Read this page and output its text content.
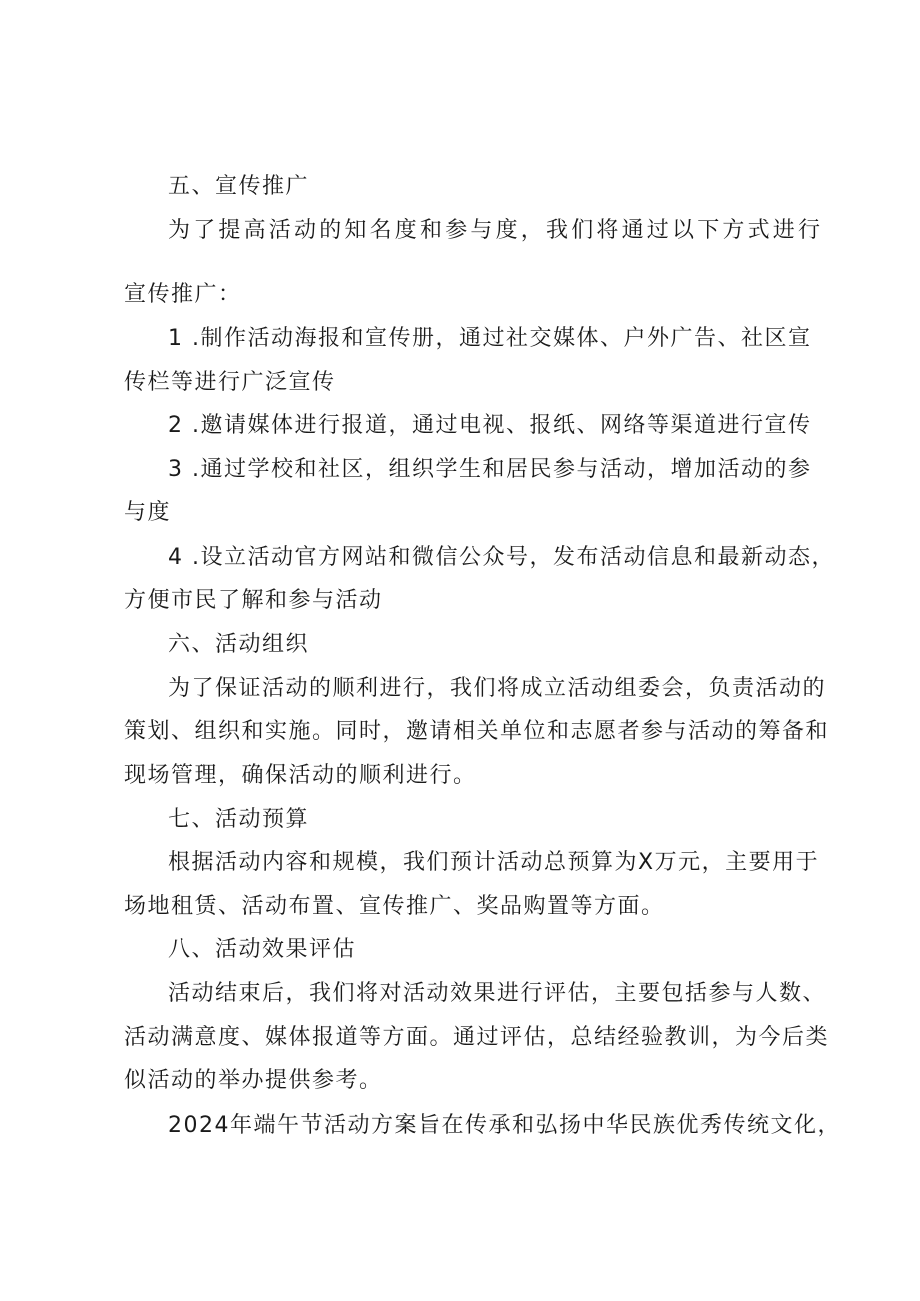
五、宣传推广
为了提高活动的知名度和参与度，我们将通过以下方式进行
宣传推广：
1 .制作活动海报和宣传册，通过社交媒体、户外广告、社区宣
传栏等进行广泛宣传
2 .邀请媒体进行报道，通过电视、报纸、网络等渠道进行宣传
3 .通过学校和社区，组织学生和居民参与活动，增加活动的参
与度
4 .设立活动官方网站和微信公众号，发布活动信息和最新动态，
方便市民了解和参与活动
六、活动组织
为了保证活动的顺利进行，我们将成立活动组委会，负责活动的
策划、组织和实施。同时，邀请相关单位和志愿者参与活动的筹备和
现场管理，确保活动的顺利进行。
七、活动预算
根据活动内容和规模，我们预计活动总预算为X万元，主要用于
场地租赁、活动布置、宣传推广、奖品购置等方面。
八、活动效果评估
活动结束后，我们将对活动效果进行评估，主要包括参与人数、
活动满意度、媒体报道等方面。通过评估，总结经验教训，为今后类
似活动的举办提供参考。
2024年端午节活动方案旨在传承和弘扬中华民族优秀传统文化，
